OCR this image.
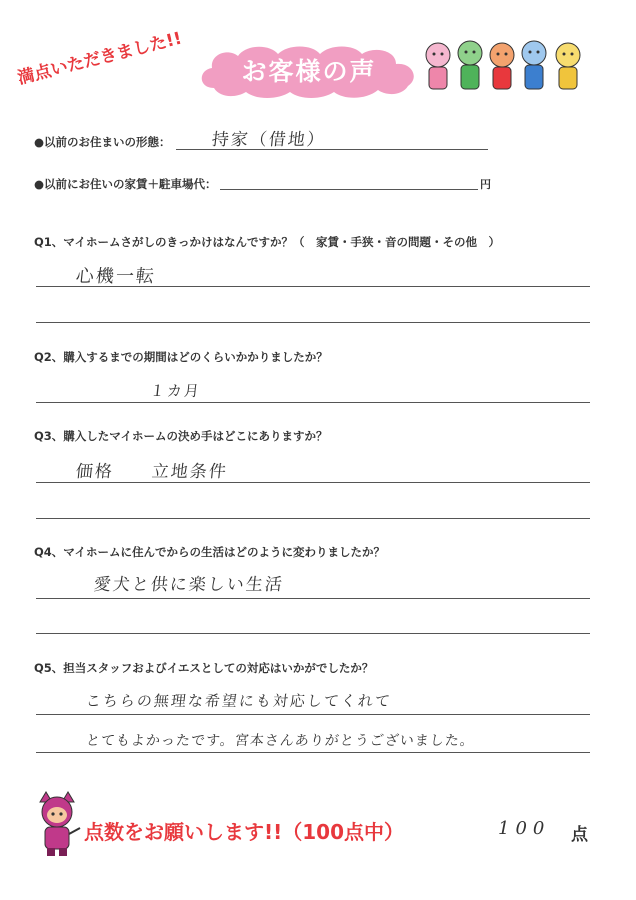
お客様の声
満点いただきました!!
●以前のお住まいの形態： 持家（借地）
●以前にお住いの家賃＋駐車場代：	円
Q1、マイホームさがしのきっかけはなんですか？（　家賃・手狭・音の問題・その他　）
心機一転
Q2、購入するまでの期間はどのくらいかかりましたか？
１カ月
Q3、購入したマイホームの決め手はどこにありますか？
価格　　立地条件
Q4、マイホームに住んでからの生活はどのように変わりましたか？
愛犬と供に楽しい生活
Q5、担当スタッフおよびイエスとしての対応はいかがでしたか？
こちらの無理な希望にも対応してくれて
とてもよかったです。宮本さんありがとうございました。
点数をお願いします!!（100点中）	100 点
